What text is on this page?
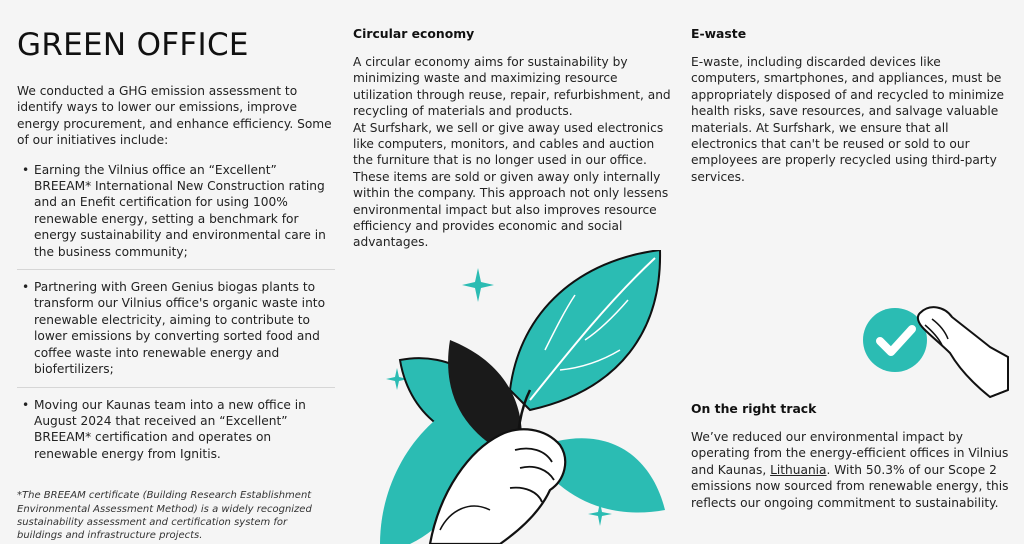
GREEN OFFICE

We conducted a GHG emission assessment to identify ways to lower our emissions, improve energy procurement, and enhance efficiency. Some of our initiatives include:

• Earning the Vilnius office an “Excellent” BREEAM* International New Construction rating and an Enefit certification for using 100% renewable energy, setting a benchmark for energy sustainability and environmental care in the business community;
• Partnering with Green Genius biogas plants to transform our Vilnius office's organic waste into renewable electricity, aiming to contribute to lower emissions by converting sorted food and coffee waste into renewable energy and biofertilizers;
• Moving our Kaunas team into a new office in August 2024 that received an “Excellent” BREEAM* certification and operates on renewable energy from Ignitis.

*The BREEAM certificate (Building Research Establishment Environmental Assessment Method) is a widely recognized sustainability assessment and certification system for buildings and infrastructure projects.

Circular economy

A circular economy aims for sustainability by minimizing waste and maximizing resource utilization through reuse, repair, refurbishment, and recycling of materials and products.

At Surfshark, we sell or give away used electronics like computers, monitors, and cables and auction the furniture that is no longer used in our office. These items are sold or given away only internally within the company. This approach not only lessens environmental impact but also improves resource efficiency and provides economic and social advantages.

E-waste

E-waste, including discarded devices like computers, smartphones, and appliances, must be appropriately disposed of and recycled to minimize health risks, save resources, and salvage valuable materials. At Surfshark, we ensure that all electronics that can't be reused or sold to our employees are properly recycled using third-party services.

On the right track

We’ve reduced our environmental impact by operating from the energy-efficient offices in Vilnius and Kaunas, Lithuania. With 50.3% of our Scope 2 emissions now sourced from renewable energy, this reflects our ongoing commitment to sustainability.
